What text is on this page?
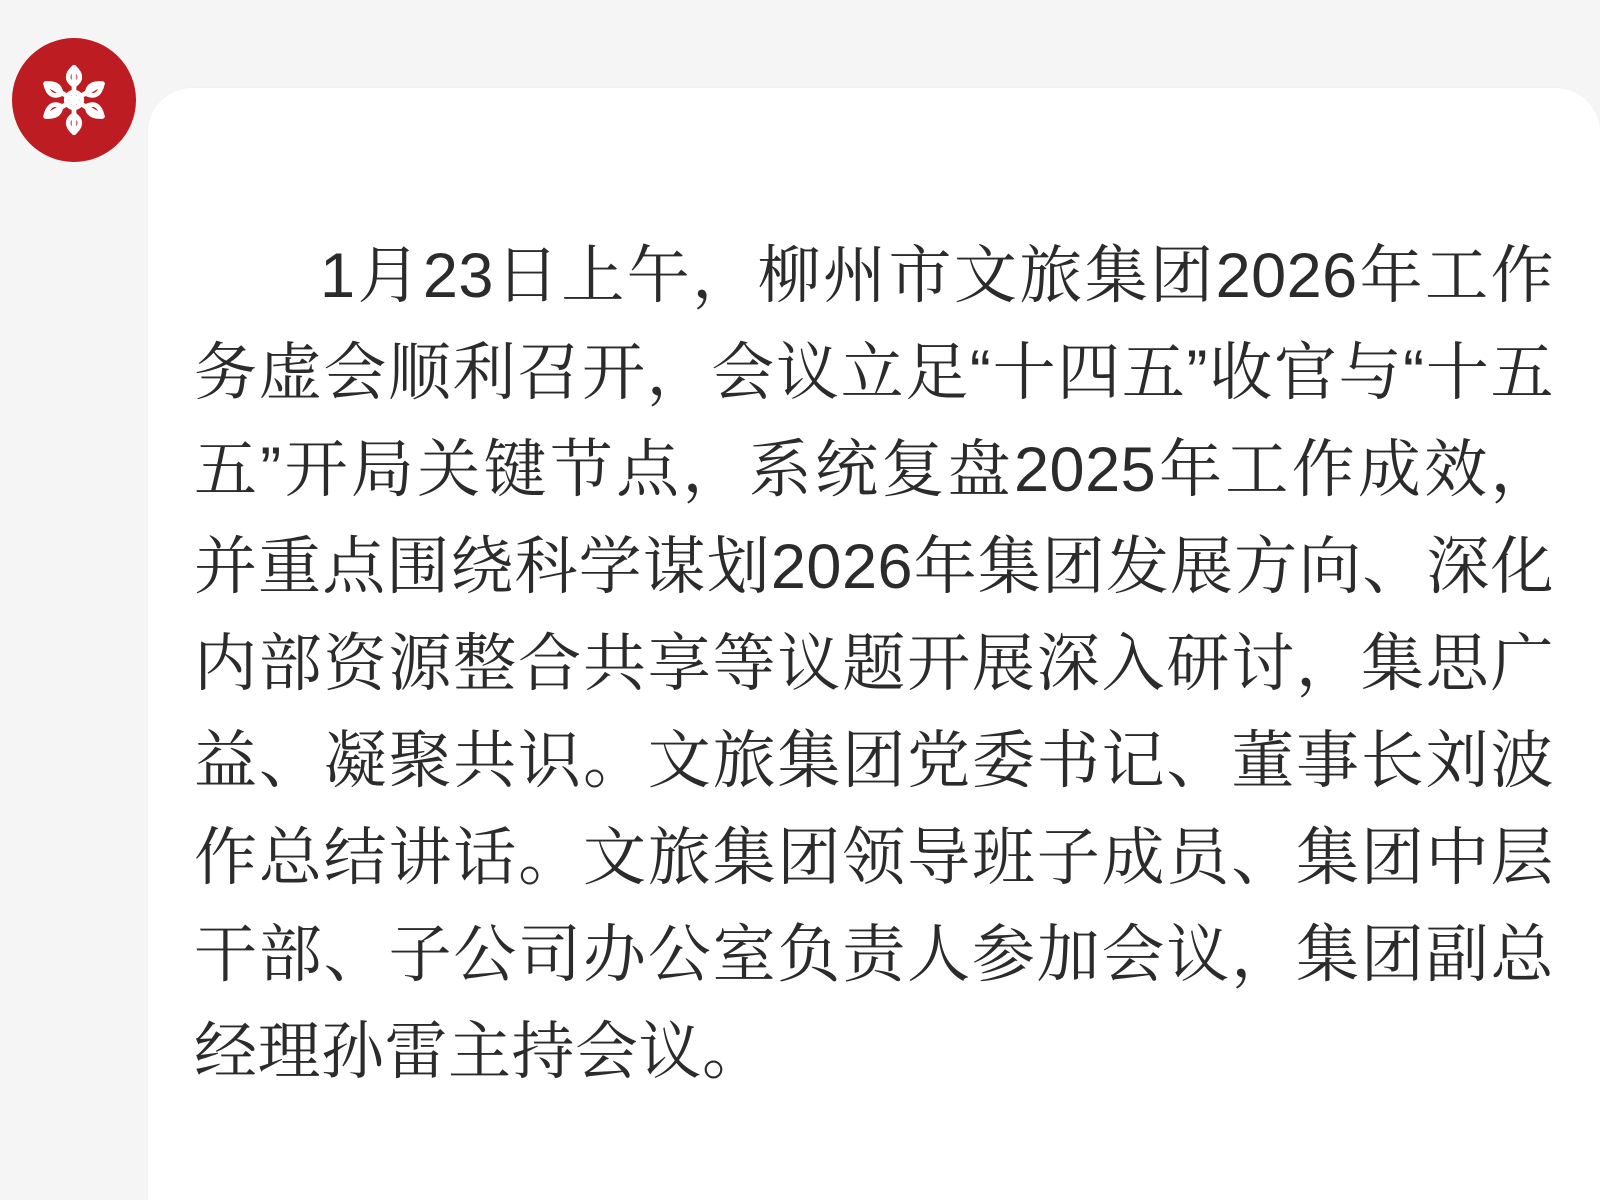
1月23日上午，柳州市文旅集团2026年工作务虚会顺利召开，会议立足“十四五”收官与“十五五”开局关键节点，系统复盘2025年工作成效，并重点围绕科学谋划2026年集团发展方向、深化内部资源整合共享等议题开展深入研讨，集思广益、凝聚共识。文旅集团党委书记、董事长刘波作总结讲话。文旅集团领导班子成员、集团中层干部、子公司办公室负责人参加会议，集团副总经理孙雷主持会议。
